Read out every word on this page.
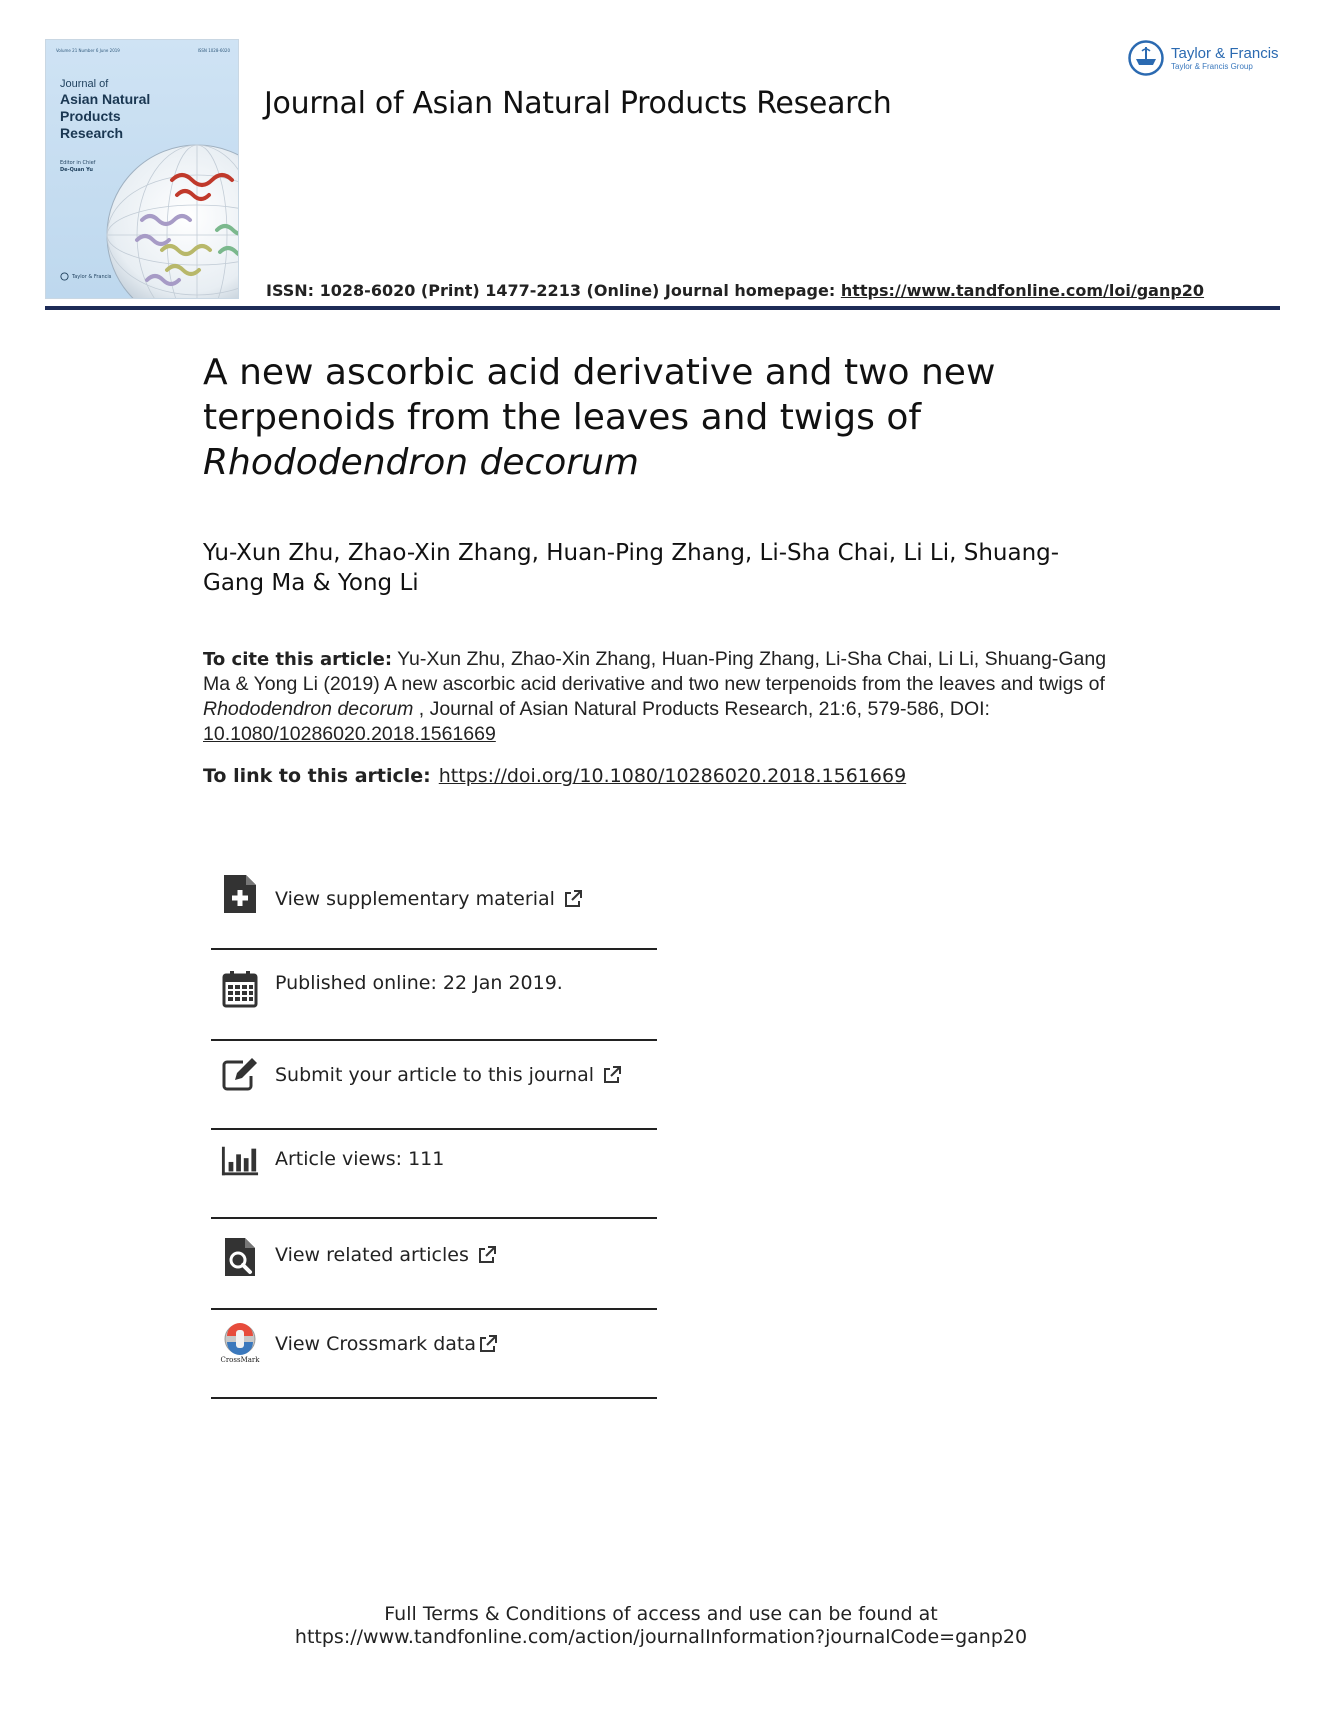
Volume 21 Number 6 June 2019	ISSN 1028-6020
Journal of
Asian Natural Products Research
Editor in Chief
De-Quan Yu
Taylor & Francis
Journal of Asian Natural Products Research
Taylor & Francis
Taylor & Francis Group
ISSN: 1028-6020 (Print) 1477-2213 (Online) Journal homepage: https://www.tandfonline.com/loi/ganp20
A new ascorbic acid derivative and two new terpenoids from the leaves and twigs of
Rhododendron decorum
Yu-Xun Zhu, Zhao-Xin Zhang, Huan-Ping Zhang, Li-Sha Chai, Li Li, Shuang-Gang Ma & Yong Li
To cite this article: Yu-Xun Zhu, Zhao-Xin Zhang, Huan-Ping Zhang, Li-Sha Chai, Li Li, Shuang-Gang Ma & Yong Li (2019) A new ascorbic acid derivative and two new terpenoids from the leaves and twigs of Rhododendron decorum , Journal of Asian Natural Products Research, 21:6, 579-586, DOI: 10.1080/10286020.2018.1561669
To link to this article: https://doi.org/10.1080/10286020.2018.1561669
View supplementary material
Published online: 22 Jan 2019.
Submit your article to this journal
Article views: 111
View related articles
CrossMark
View Crossmark data
Full Terms & Conditions of access and use can be found at
https://www.tandfonline.com/action/journalInformation?journalCode=ganp20
